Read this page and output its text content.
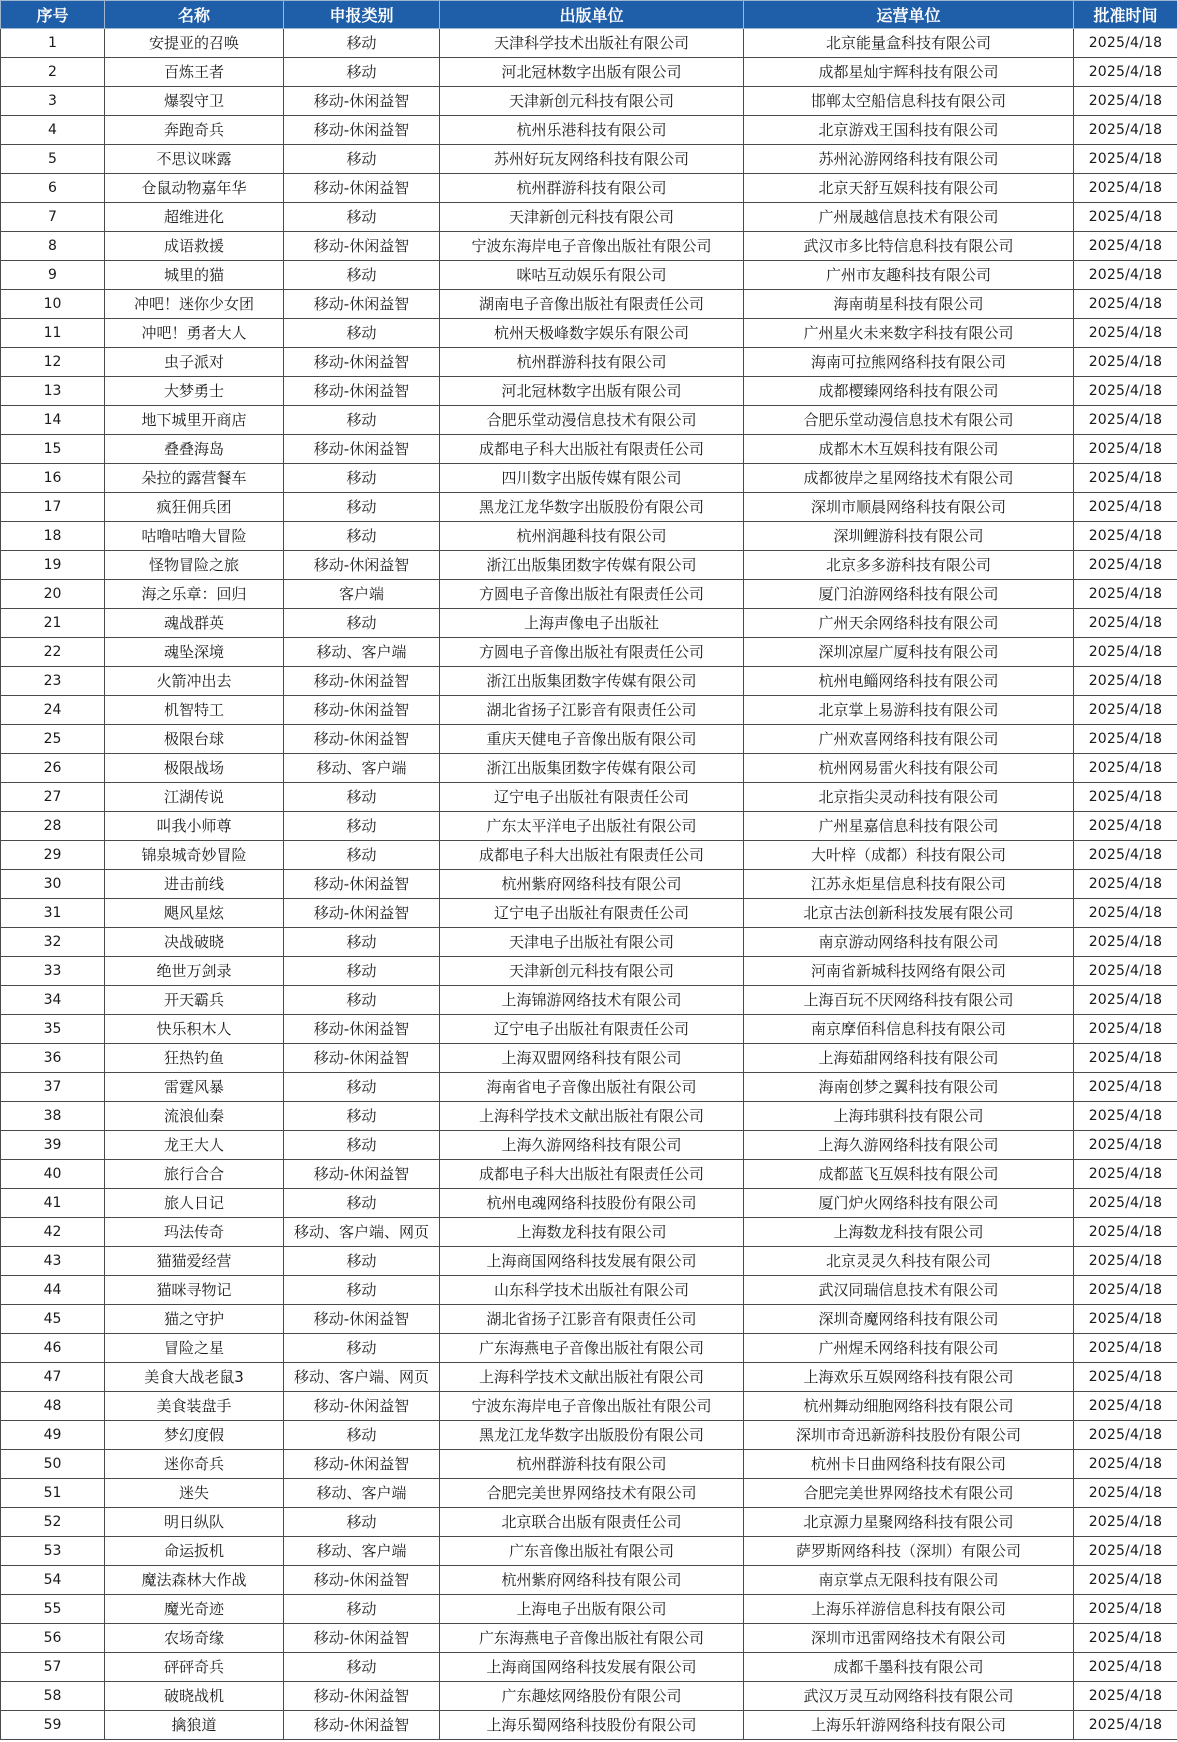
序号	名称	申报类别	出版单位	运营单位	批准时间
1	安提亚的召唤	移动	天津科学技术出版社有限公司	北京能量盒科技有限公司	2025/4/18
2	百炼王者	移动	河北冠林数字出版有限公司	成都星灿宇辉科技有限公司	2025/4/18
3	爆裂守卫	移动-休闲益智	天津新创元科技有限公司	邯郸太空船信息科技有限公司	2025/4/18
4	奔跑奇兵	移动-休闲益智	杭州乐港科技有限公司	北京游戏王国科技有限公司	2025/4/18
5	不思议咪露	移动	苏州好玩友网络科技有限公司	苏州沁游网络科技有限公司	2025/4/18
6	仓鼠动物嘉年华	移动-休闲益智	杭州群游科技有限公司	北京天舒互娱科技有限公司	2025/4/18
7	超维进化	移动	天津新创元科技有限公司	广州晟越信息技术有限公司	2025/4/18
8	成语救援	移动-休闲益智	宁波东海岸电子音像出版社有限公司	武汉市多比特信息科技有限公司	2025/4/18
9	城里的猫	移动	咪咕互动娱乐有限公司	广州市友趣科技有限公司	2025/4/18
10	冲吧！迷你少女团	移动-休闲益智	湖南电子音像出版社有限责任公司	海南萌星科技有限公司	2025/4/18
11	冲吧！勇者大人	移动	杭州天极峰数字娱乐有限公司	广州星火未来数字科技有限公司	2025/4/18
12	虫子派对	移动-休闲益智	杭州群游科技有限公司	海南可拉熊网络科技有限公司	2025/4/18
13	大梦勇士	移动-休闲益智	河北冠林数字出版有限公司	成都樱臻网络科技有限公司	2025/4/18
14	地下城里开商店	移动	合肥乐堂动漫信息技术有限公司	合肥乐堂动漫信息技术有限公司	2025/4/18
15	叠叠海岛	移动-休闲益智	成都电子科大出版社有限责任公司	成都木木互娱科技有限公司	2025/4/18
16	朵拉的露营餐车	移动	四川数字出版传媒有限公司	成都彼岸之星网络技术有限公司	2025/4/18
17	疯狂佣兵团	移动	黑龙江龙华数字出版股份有限公司	深圳市顺晨网络科技有限公司	2025/4/18
18	咕噜咕噜大冒险	移动	杭州润趣科技有限公司	深圳鲤游科技有限公司	2025/4/18
19	怪物冒险之旅	移动-休闲益智	浙江出版集团数字传媒有限公司	北京多多游科技有限公司	2025/4/18
20	海之乐章：回归	客户端	方圆电子音像出版社有限责任公司	厦门泊游网络科技有限公司	2025/4/18
21	魂战群英	移动	上海声像电子出版社	广州天余网络科技有限公司	2025/4/18
22	魂坠深境	移动、客户端	方圆电子音像出版社有限责任公司	深圳凉屋广厦科技有限公司	2025/4/18
23	火箭冲出去	移动-休闲益智	浙江出版集团数字传媒有限公司	杭州电鲻网络科技有限公司	2025/4/18
24	机智特工	移动-休闲益智	湖北省扬子江影音有限责任公司	北京掌上易游科技有限公司	2025/4/18
25	极限台球	移动-休闲益智	重庆天健电子音像出版有限公司	广州欢喜网络科技有限公司	2025/4/18
26	极限战场	移动、客户端	浙江出版集团数字传媒有限公司	杭州网易雷火科技有限公司	2025/4/18
27	江湖传说	移动	辽宁电子出版社有限责任公司	北京指尖灵动科技有限公司	2025/4/18
28	叫我小师尊	移动	广东太平洋电子出版社有限公司	广州星嘉信息科技有限公司	2025/4/18
29	锦泉城奇妙冒险	移动	成都电子科大出版社有限责任公司	大叶梓（成都）科技有限公司	2025/4/18
30	进击前线	移动-休闲益智	杭州紫府网络科技有限公司	江苏永炬星信息科技有限公司	2025/4/18
31	飓风星炫	移动-休闲益智	辽宁电子出版社有限责任公司	北京古法创新科技发展有限公司	2025/4/18
32	决战破晓	移动	天津电子出版社有限公司	南京游动网络科技有限公司	2025/4/18
33	绝世万剑录	移动	天津新创元科技有限公司	河南省新城科技网络有限公司	2025/4/18
34	开天霸兵	移动	上海锦游网络技术有限公司	上海百玩不厌网络科技有限公司	2025/4/18
35	快乐积木人	移动-休闲益智	辽宁电子出版社有限责任公司	南京摩佰科信息科技有限公司	2025/4/18
36	狂热钓鱼	移动-休闲益智	上海双盟网络科技有限公司	上海茹甜网络科技有限公司	2025/4/18
37	雷霆风暴	移动	海南省电子音像出版社有限公司	海南创梦之翼科技有限公司	2025/4/18
38	流浪仙秦	移动	上海科学技术文献出版社有限公司	上海玮骐科技有限公司	2025/4/18
39	龙王大人	移动	上海久游网络科技有限公司	上海久游网络科技有限公司	2025/4/18
40	旅行合合	移动-休闲益智	成都电子科大出版社有限责任公司	成都蓝飞互娱科技有限公司	2025/4/18
41	旅人日记	移动	杭州电魂网络科技股份有限公司	厦门炉火网络科技有限公司	2025/4/18
42	玛法传奇	移动、客户端、网页	上海数龙科技有限公司	上海数龙科技有限公司	2025/4/18
43	猫猫爱经营	移动	上海商国网络科技发展有限公司	北京灵灵久科技有限公司	2025/4/18
44	猫咪寻物记	移动	山东科学技术出版社有限公司	武汉同瑞信息技术有限公司	2025/4/18
45	猫之守护	移动-休闲益智	湖北省扬子江影音有限责任公司	深圳奇魔网络科技有限公司	2025/4/18
46	冒险之星	移动	广东海燕电子音像出版社有限公司	广州煋禾网络科技有限公司	2025/4/18
47	美食大战老鼠3	移动、客户端、网页	上海科学技术文献出版社有限公司	上海欢乐互娱网络科技有限公司	2025/4/18
48	美食装盘手	移动-休闲益智	宁波东海岸电子音像出版社有限公司	杭州舞动细胞网络科技有限公司	2025/4/18
49	梦幻度假	移动	黑龙江龙华数字出版股份有限公司	深圳市奇迅新游科技股份有限公司	2025/4/18
50	迷你奇兵	移动-休闲益智	杭州群游科技有限公司	杭州卡日曲网络科技有限公司	2025/4/18
51	迷失	移动、客户端	合肥完美世界网络技术有限公司	合肥完美世界网络技术有限公司	2025/4/18
52	明日纵队	移动	北京联合出版有限责任公司	北京源力星聚网络科技有限公司	2025/4/18
53	命运扳机	移动、客户端	广东音像出版社有限公司	萨罗斯网络科技（深圳）有限公司	2025/4/18
54	魔法森林大作战	移动-休闲益智	杭州紫府网络科技有限公司	南京掌点无限科技有限公司	2025/4/18
55	魔光奇迹	移动	上海电子出版有限公司	上海乐祥游信息科技有限公司	2025/4/18
56	农场奇缘	移动-休闲益智	广东海燕电子音像出版社有限公司	深圳市迅雷网络技术有限公司	2025/4/18
57	砰砰奇兵	移动	上海商国网络科技发展有限公司	成都千墨科技有限公司	2025/4/18
58	破晓战机	移动-休闲益智	广东趣炫网络股份有限公司	武汉万灵互动网络科技有限公司	2025/4/18
59	擒狼道	移动-休闲益智	上海乐蜀网络科技股份有限公司	上海乐轩游网络科技有限公司	2025/4/18
